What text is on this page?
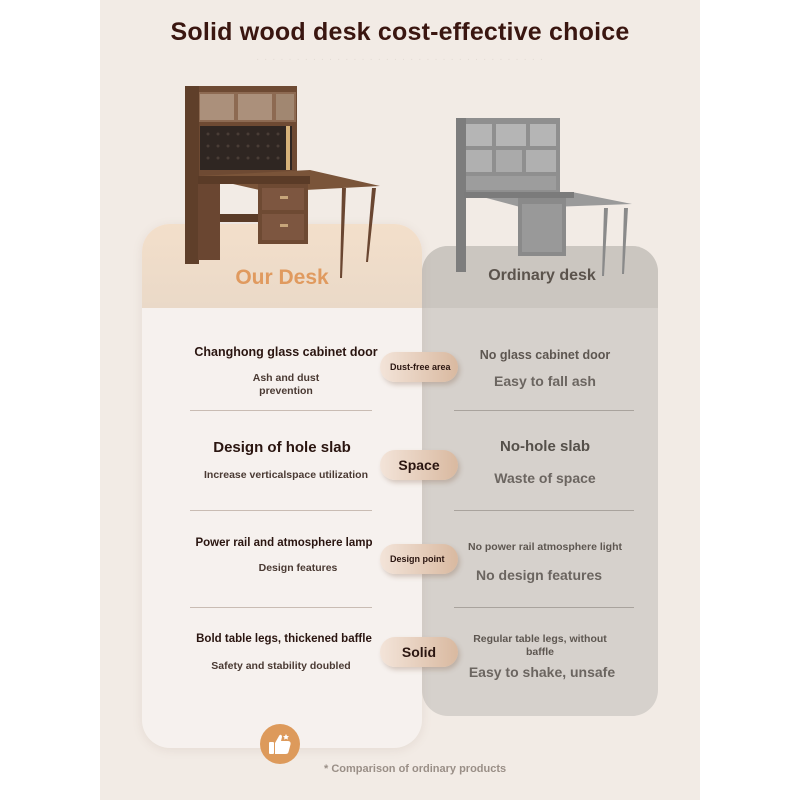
Solid wood desk cost-effective choice
· · · · · · · · · · · · · · · · · · · · · · · · · · · · · · · · · · · ·
Our Desk	Ordinary desk
Changhong glass cabinet door
Ash and dust prevention
Dust-free area
No glass cabinet door
Easy to fall ash
Design of hole slab
Increase verticalspace utilization
Space
No-hole slab
Waste of space
Power rail and atmosphere lamp
Design features
Design point
No power rail atmosphere light
No design features
Bold table legs, thickened baffle
Safety and stability doubled
Solid
Regular table legs, without baffle
Easy to shake, unsafe
* Comparison of ordinary products
